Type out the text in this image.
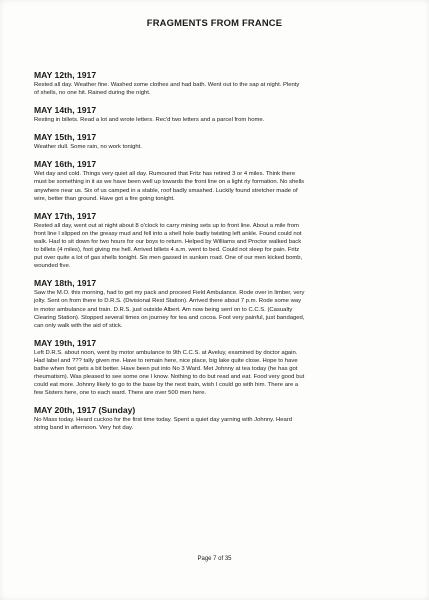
FRAGMENTS FROM FRANCE

MAY 12th, 1917

Rested all day. Weather fine. Washed some clothes and had bath. Went out to the sap at night. Plenty
of shells, no one hit. Rained during the night.

MAY 14th, 1917

Resting in billets. Read a lot and wrote letters. Rec'd two letters and a parcel from home.

MAY 15th, 1917

Weather dull. Some rain, no work tonight.

MAY 16th, 1917

Wet day and cold. Things very quiet all day. Rumoured that Fritz has retired 3 or 4 miles. Think there
must be something in it as we have been well up towards the front line on a light rly formation. No shells
anywhere near us. Six of us camped in a stable, roof badly smashed. Luckily found stretcher made of
wire, better than ground. Have got a fire going tonight.

MAY 17th, 1917

Rested all day, went out at night about 8 o'clock to carry mining sets up to front line. About a mile from
front line I slipped on the greasy mud and fell into a shell hole badly twisting left ankle. Found could not
walk. Had to sit down for two hours for our boys to return. Helped by Williams and Proctor walked back
to billets (4 miles), foot giving me hell. Arrived billets 4 a.m. went to bed. Could not sleep for pain. Fritz
put over quite a lot of gas shells tonight. Six men gassed in sunken road. One of our men kicked bomb,
wounded five.

MAY 18th, 1917

Saw the M.O. this morning, had to get my pack and proceed Field Ambulance. Rode over in limber, very
jolty. Sent on from there to D.R.S. (Divisional Rest Station). Arrived there about 7 p.m. Rode some way
in motor ambulance and train. D.R.S. just outside Albert. Am now being sent on to C.C.S. (Casualty
Clearing Station). Stopped several times on journey for tea and cocoa. Foot very painful, just bandaged,
can only walk with the aid of stick.

MAY 19th, 1917

Left D.R.S. about noon, went by motor ambulance to 9th C.C.S. at Aveluy, examined by doctor again.
Had label and ??? tally given me. Have to remain here, nice place, big lake quite close. Hope to have
bathe when foot gets a bit better. Have been put into No 3 Ward. Met Johnny at tea today (he has got
rheumatism). Was pleased to see some one I know. Nothing to do but read and eat. Food very good but
could eat more. Johnny likely to go to the base by the next train, wish I could go with him. There are a
few Sisters here, one to each ward. There are over 500 men here.

MAY 20th, 1917 (Sunday)

No Mass today. Heard cuckoo for the first time today. Spent a quiet day yarning with Johnny. Heard
string band in afternoon. Very hot day.

Page 7 of 35
